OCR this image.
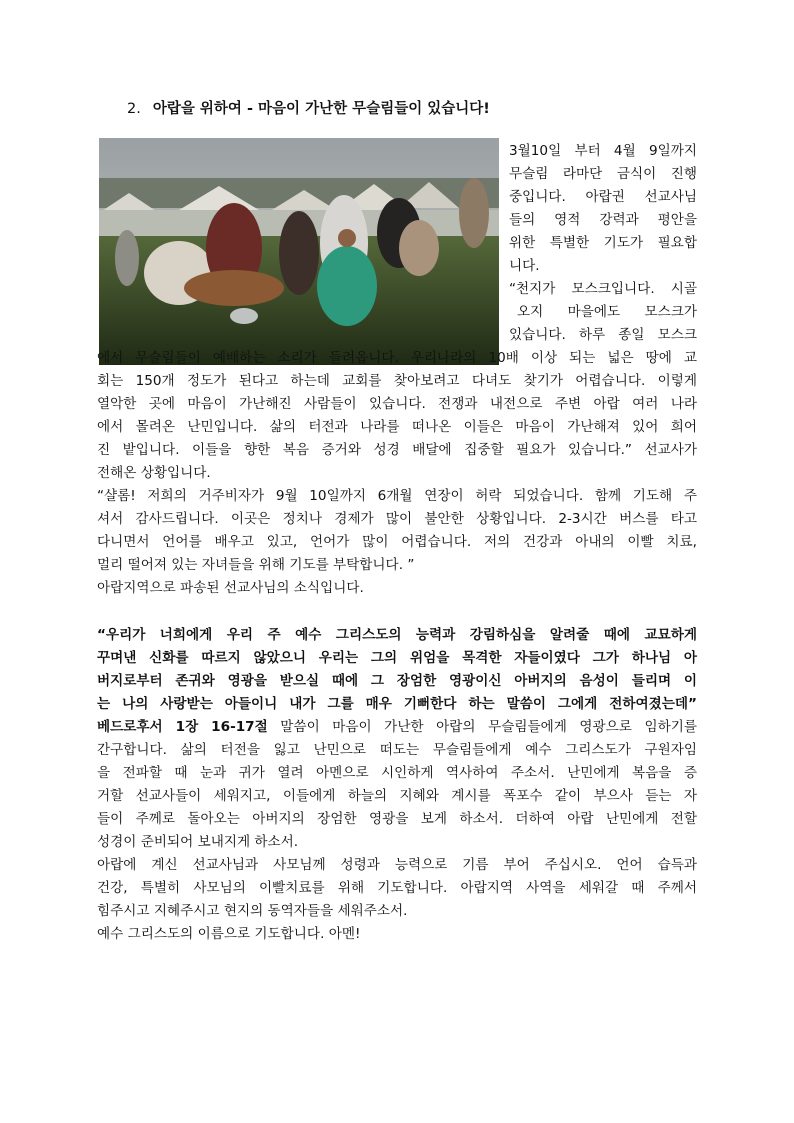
2. 아랍을 위하여 - 마음이 가난한 무슬림들이 있습니다!

3월10일 부터 4월 9일까지

무슬림 라마단 금식이 진행

중입니다. 아랍권 선교사님

들의 영적 강력과 평안을

위한 특별한 기도가 필요합

니다.

“천지가 모스크입니다. 시골

오지 마을에도 모스크가

있습니다. 하루 종일 모스크

에서 무슬림들이 예배하는 소리가 들려옵니다. 우리나라의 10배 이상 되는 넓은 땅에 교
회는 150개 정도가 된다고 하는데 교회를 찾아보려고 다녀도 찾기가 어렵습니다. 이렇게
열악한 곳에 마음이 가난해진 사람들이 있습니다. 전쟁과 내전으로 주변 아랍 여러 나라
에서 몰려온 난민입니다. 삶의 터전과 나라를 떠나온 이들은 마음이 가난해져 있어 희어
진 밭입니다. 이들을 향한 복음 증거와 성경 배달에 집중할 필요가 있습니다.” 선교사가
전해온 상황입니다.
“샬롬! 저희의 거주비자가 9월 10일까지 6개월 연장이 허락 되었습니다. 함께 기도해 주
셔서 감사드립니다. 이곳은 정치나 경제가 많이 불안한 상황입니다. 2-3시간 버스를 타고
다니면서 언어를 배우고 있고, 언어가 많이 어렵습니다. 저의 건강과 아내의 이빨 치료,
멀리 떨어져 있는 자녀들을 위해 기도를 부탁합니다. ”
아랍지역으로 파송된 선교사님의 소식입니다.
“우리가 너희에게 우리 주 예수 그리스도의 능력과 강림하심을 알려줄 때에 교묘하게
꾸며낸 신화를 따르지 않았으니 우리는 그의 위엄을 목격한 자들이였다 그가 하나님 아
버지로부터 존귀와 영광을 받으실 때에 그 장엄한 영광이신 아버지의 음성이 들리며 이
는 나의 사랑받는 아들이니 내가 그를 매우 기뻐한다 하는 말씀이 그에게 전하여졌는데”
베드로후서 1장 16-17절 말씀이 마음이 가난한 아랍의 무슬림들에게 영광으로 임하기를
간구합니다. 삶의 터전을 잃고 난민으로 떠도는 무슬림들에게 예수 그리스도가 구원자임
을 전파할 때 눈과 귀가 열려 아멘으로 시인하게 역사하여 주소서. 난민에게 복음을 증
거할 선교사들이 세워지고, 이들에게 하늘의 지혜와 계시를 폭포수 같이 부으사 듣는 자
들이 주께로 돌아오는 아버지의 장엄한 영광을 보게 하소서. 더하여 아랍 난민에게 전할
성경이 준비되어 보내지게 하소서.
아랍에 계신 선교사님과 사모님께 성령과 능력으로 기름 부어 주십시오. 언어 습득과
건강, 특별히 사모님의 이빨치료를 위해 기도합니다. 아랍지역 사역을 세워갈 때 주께서
힘주시고 지혜주시고 현지의 동역자들을 세워주소서.
예수 그리스도의 이름으로 기도합니다. 아멘!
